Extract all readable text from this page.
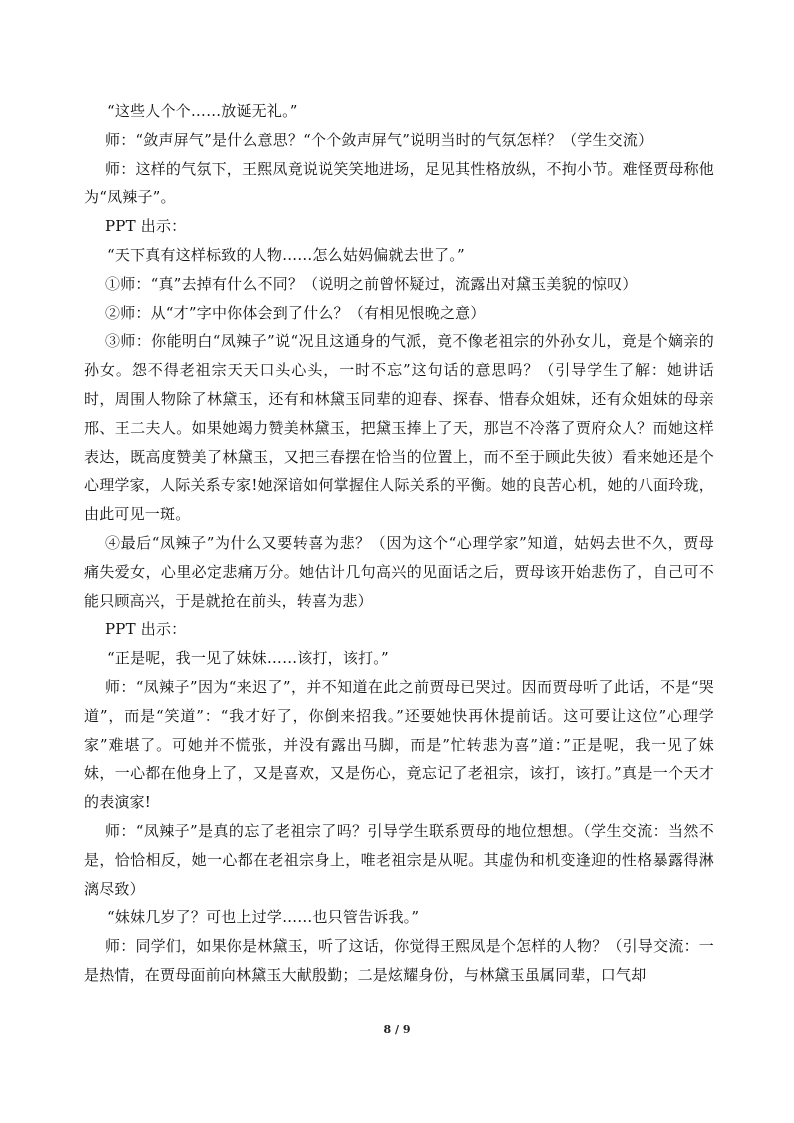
“这些人个个……放诞无礼。”

师：“敛声屏气”是什么意思？“个个敛声屏气”说明当时的气氛怎样？（学生交流）

师：这样的气氛下，王熙凤竟说说笑笑地进场，足见其性格放纵，不拘小节。难怪贾母称他为“凤辣子”。

PPT 出示：

“天下真有这样标致的人物……怎么姑妈偏就去世了。”

①师：“真”去掉有什么不同？（说明之前曾怀疑过，流露出对黛玉美貌的惊叹）

②师：从“才”字中你体会到了什么？（有相见恨晚之意）

③师：你能明白“凤辣子”说“况且这通身的气派，竟不像老祖宗的外孙女儿，竟是个嫡亲的孙女。怨不得老祖宗天天口头心头，一时不忘”这句话的意思吗？（引导学生了解：她讲话时，周围人物除了林黛玉，还有和林黛玉同辈的迎春、探春、惜春众姐妹，还有众姐妹的母亲邢、王二夫人。如果她竭力赞美林黛玉，把黛玉捧上了天，那岂不冷落了贾府众人？而她这样表达，既高度赞美了林黛玉，又把三春摆在恰当的位置上，而不至于顾此失彼）看来她还是个心理学家，人际关系专家!她深谙如何掌握住人际关系的平衡。她的良苦心机，她的八面玲珑，由此可见一斑。

④最后“凤辣子”为什么又要转喜为悲？（因为这个“心理学家”知道，姑妈去世不久，贾母痛失爱女，心里必定悲痛万分。她估计几句高兴的见面话之后，贾母该开始悲伤了，自己可不能只顾高兴，于是就抢在前头，转喜为悲）

PPT 出示：

“正是呢，我一见了妹妹……该打，该打。”

师：“凤辣子”因为“来迟了”，并不知道在此之前贾母已哭过。因而贾母听了此话，不是“哭道”，而是“笑道”：“我才好了，你倒来招我。”还要她快再休提前话。这可要让这位”心理学家”难堪了。可她并不慌张，并没有露出马脚，而是”忙转悲为喜”道：”正是呢，我一见了妹妹，一心都在他身上了，又是喜欢，又是伤心，竟忘记了老祖宗，该打，该打。”真是一个天才的表演家!

师：“凤辣子”是真的忘了老祖宗了吗？引导学生联系贾母的地位想想。（学生交流：当然不是，恰恰相反，她一心都在老祖宗身上，唯老祖宗是从呢。其虚伪和机变逢迎的性格暴露得淋漓尽致）

“妹妹几岁了？可也上过学……也只管告诉我。”

师：同学们，如果你是林黛玉，听了这话，你觉得王熙凤是个怎样的人物？（引导交流：一是热情，在贾母面前向林黛玉大献殷勤；二是炫耀身份，与林黛玉虽属同辈，口气却

8 / 9
